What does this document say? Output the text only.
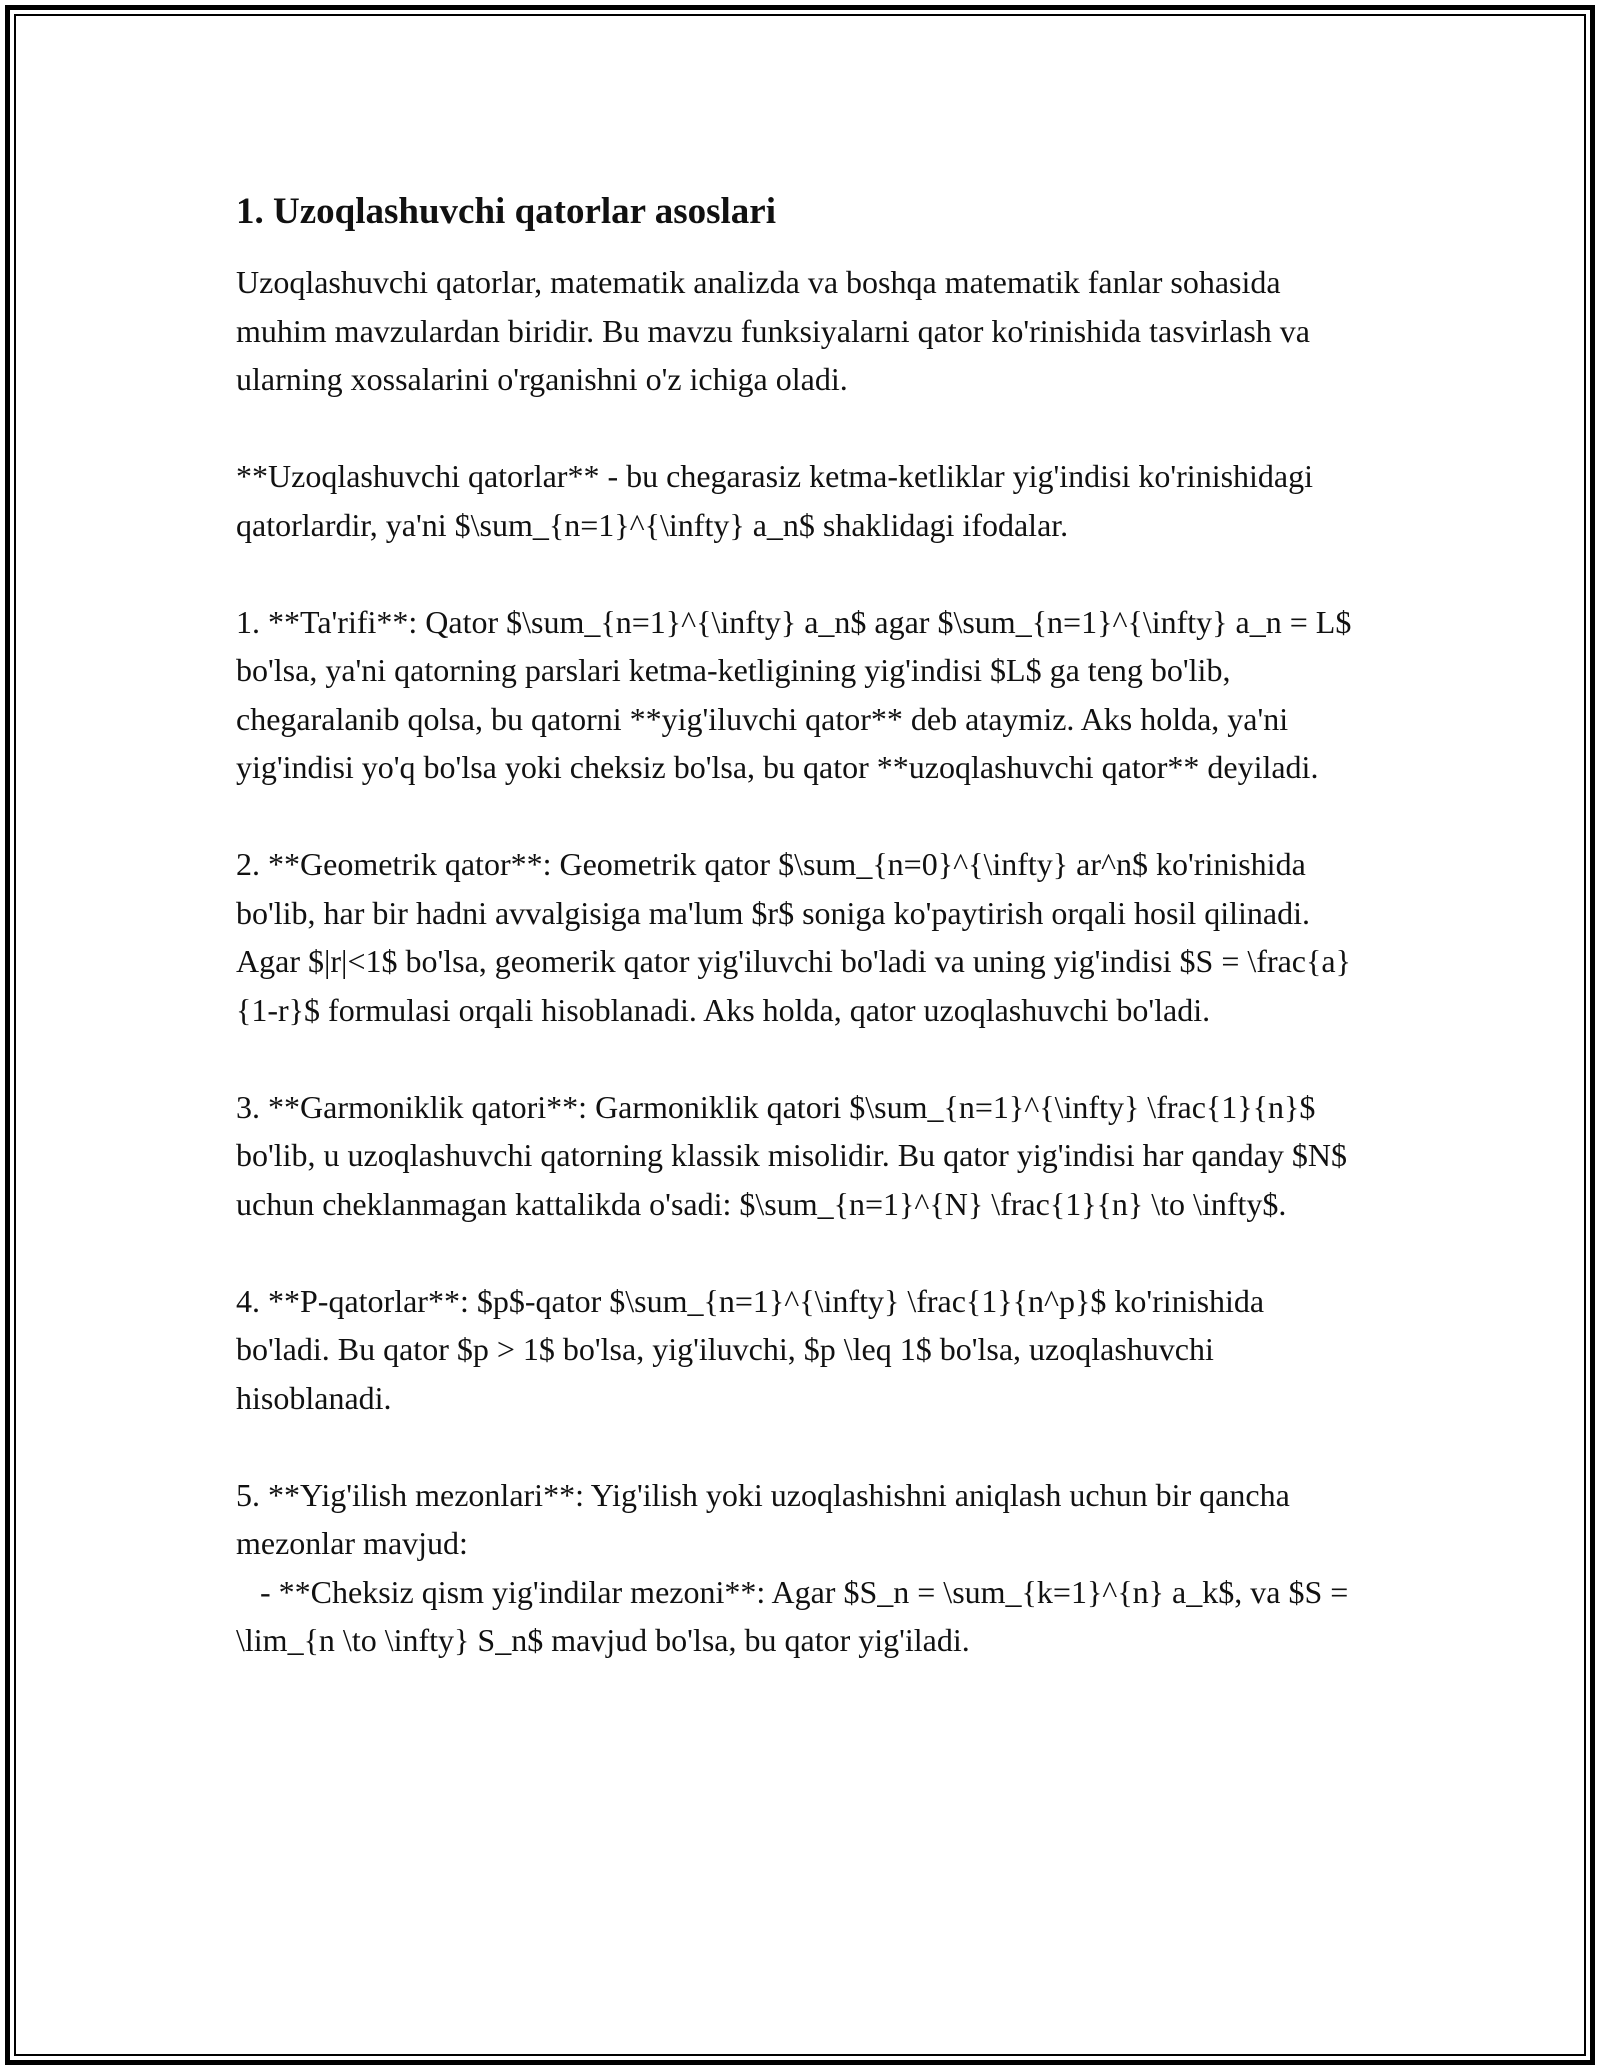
1. Uzoqlashuvchi qatorlar asoslari

Uzoqlashuvchi qatorlar, matematik analizda va boshqa matematik fanlar sohasida muhim mavzulardan biridir. Bu mavzu funksiyalarni qator ko'rinishida tasvirlash va ularning xossalarini o'rganishni o'z ichiga oladi.

**Uzoqlashuvchi qatorlar** - bu chegarasiz ketma-ketliklar yig'indisi ko'rinishidagi qatorlardir, ya'ni $\sum_{n=1}^{\infty} a_n$ shaklidagi ifodalar.

1. **Ta'rifi**: Qator $\sum_{n=1}^{\infty} a_n$ agar $\sum_{n=1}^{\infty} a_n = L$ bo'lsa, ya'ni qatorning parslari ketma-ketligining yig'indisi $L$ ga teng bo'lib, chegaralanib qolsa, bu qatorni **yig'iluvchi qator** deb ataymiz. Aks holda, ya'ni yig'indisi yo'q bo'lsa yoki cheksiz bo'lsa, bu qator **uzoqlashuvchi qator** deyiladi.

2. **Geometrik qator**: Geometrik qator $\sum_{n=0}^{\infty} ar^n$ ko'rinishida bo'lib, har bir hadni avvalgisiga ma'lum $r$ soniga ko'paytirish orqali hosil qilinadi. Agar $|r|<1$ bo'lsa, geomerik qator yig'iluvchi bo'ladi va uning yig'indisi $S = \frac{a}{1-r}$ formulasi orqali hisoblanadi. Aks holda, qator uzoqlashuvchi bo'ladi.

3. **Garmoniklik qatori**: Garmoniklik qatori $\sum_{n=1}^{\infty} \frac{1}{n}$ bo'lib, u uzoqlashuvchi qatorning klassik misolidir. Bu qator yig'indisi har qanday $N$ uchun cheklanmagan kattalikda o'sadi: $\sum_{n=1}^{N} \frac{1}{n} \to \infty$.

4. **P-qatorlar**: $p$-qator $\sum_{n=1}^{\infty} \frac{1}{n^p}$ ko'rinishida bo'ladi. Bu qator $p > 1$ bo'lsa, yig'iluvchi, $p \leq 1$ bo'lsa, uzoqlashuvchi hisoblanadi.

5. **Yig'ilish mezonlari**: Yig'ilish yoki uzoqlashishni aniqlash uchun bir qancha mezonlar mavjud:
- **Cheksiz qism yig'indilar mezoni**: Agar $S_n = \sum_{k=1}^{n} a_k$, va $S = \lim_{n \to \infty} S_n$ mavjud bo'lsa, bu qator yig'iladi.
